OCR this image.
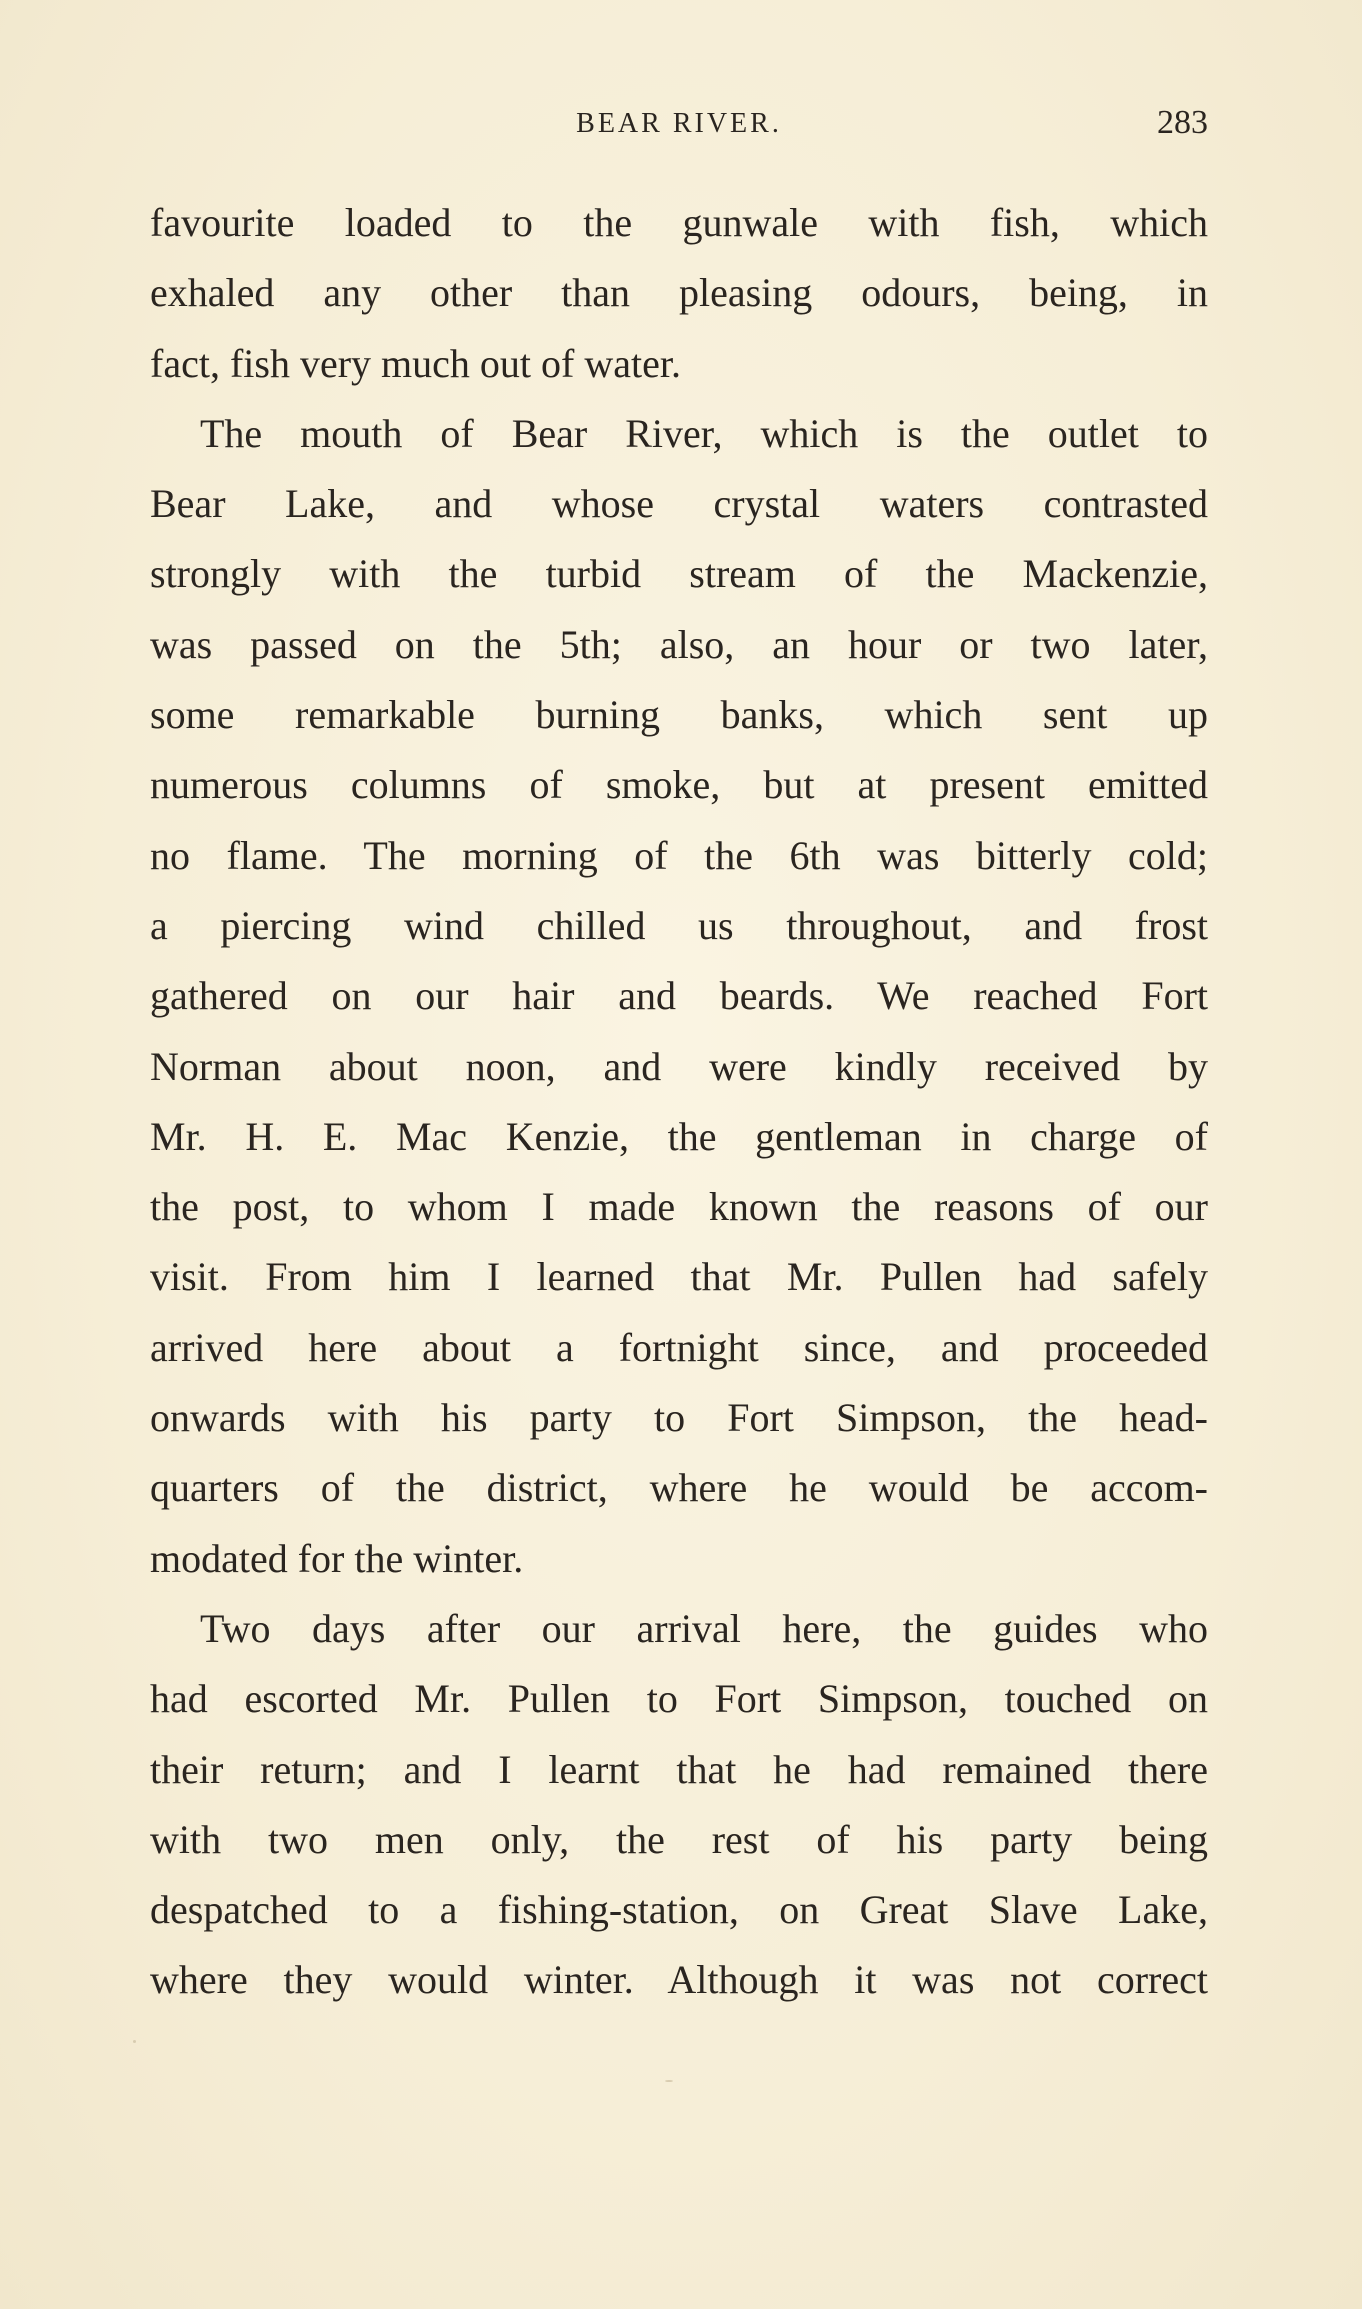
BEAR RIVER.	283
favourite loaded to the gunwale with fish, which
exhaled any other than pleasing odours, being, in
fact, fish very much out of water.
The mouth of Bear River, which is the outlet to
Bear Lake, and whose crystal waters contrasted
strongly with the turbid stream of the Mackenzie,
was passed on the 5th; also, an hour or two later,
some remarkable burning banks, which sent up
numerous columns of smoke, but at present emitted
no flame. The morning of the 6th was bitterly cold;
a piercing wind chilled us throughout, and frost
gathered on our hair and beards. We reached Fort
Norman about noon, and were kindly received by
Mr. H. E. Mac Kenzie, the gentleman in charge of
the post, to whom I made known the reasons of our
visit. From him I learned that Mr. Pullen had safely
arrived here about a fortnight since, and proceeded
onwards with his party to Fort Simpson, the head-
quarters of the district, where he would be accom-
modated for the winter.
Two days after our arrival here, the guides who
had escorted Mr. Pullen to Fort Simpson, touched on
their return; and I learnt that he had remained there
with two men only, the rest of his party being
despatched to a fishing-station, on Great Slave Lake,
where they would winter. Although it was not correct
